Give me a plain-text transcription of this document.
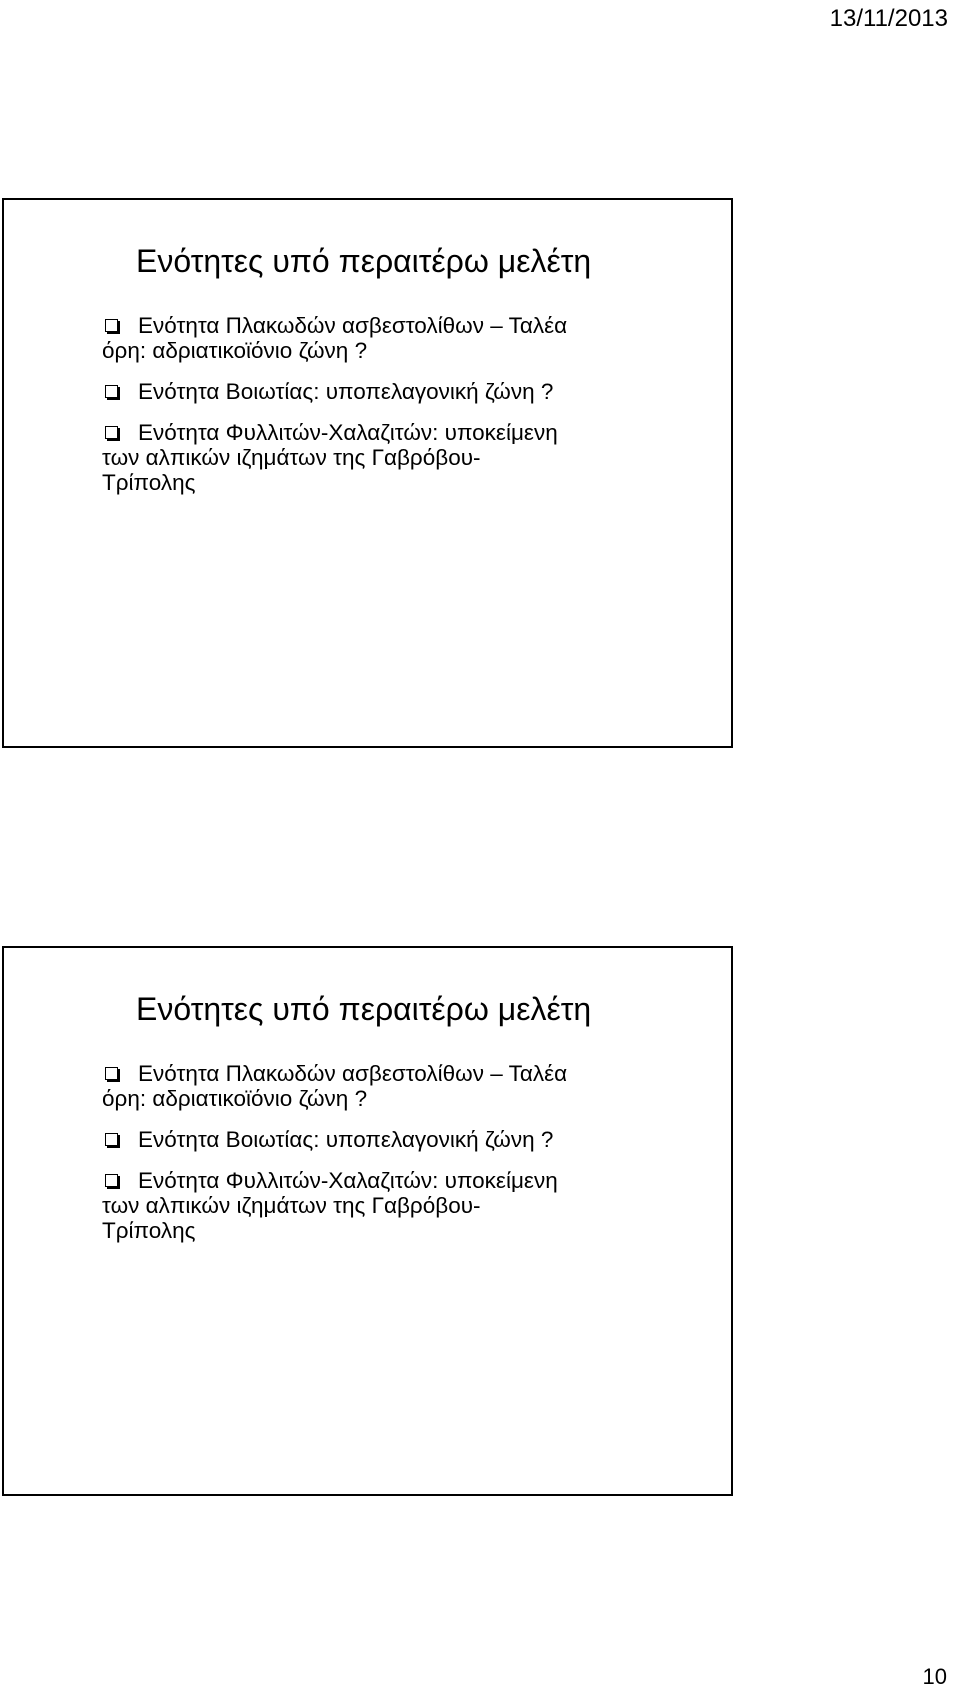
13/11/2013
Ενότητες υπό περαιτέρω μελέτη
Ενότητα Πλακωδών ασβεστολίθων – Ταλέα
όρη: αδριατικοϊόνιο ζώνη ?
Ενότητα Βοιωτίας: υποπελαγονική ζώνη ?
Ενότητα Φυλλιτών-Χαλαζιτών: υποκείμενη
των αλπικών ιζημάτων της Γαβρόβου-
Τρίπολης
Ενότητες υπό περαιτέρω μελέτη
Ενότητα Πλακωδών ασβεστολίθων – Ταλέα
όρη: αδριατικοϊόνιο ζώνη ?
Ενότητα Βοιωτίας: υποπελαγονική ζώνη ?
Ενότητα Φυλλιτών-Χαλαζιτών: υποκείμενη
των αλπικών ιζημάτων της Γαβρόβου-
Τρίπολης
10
